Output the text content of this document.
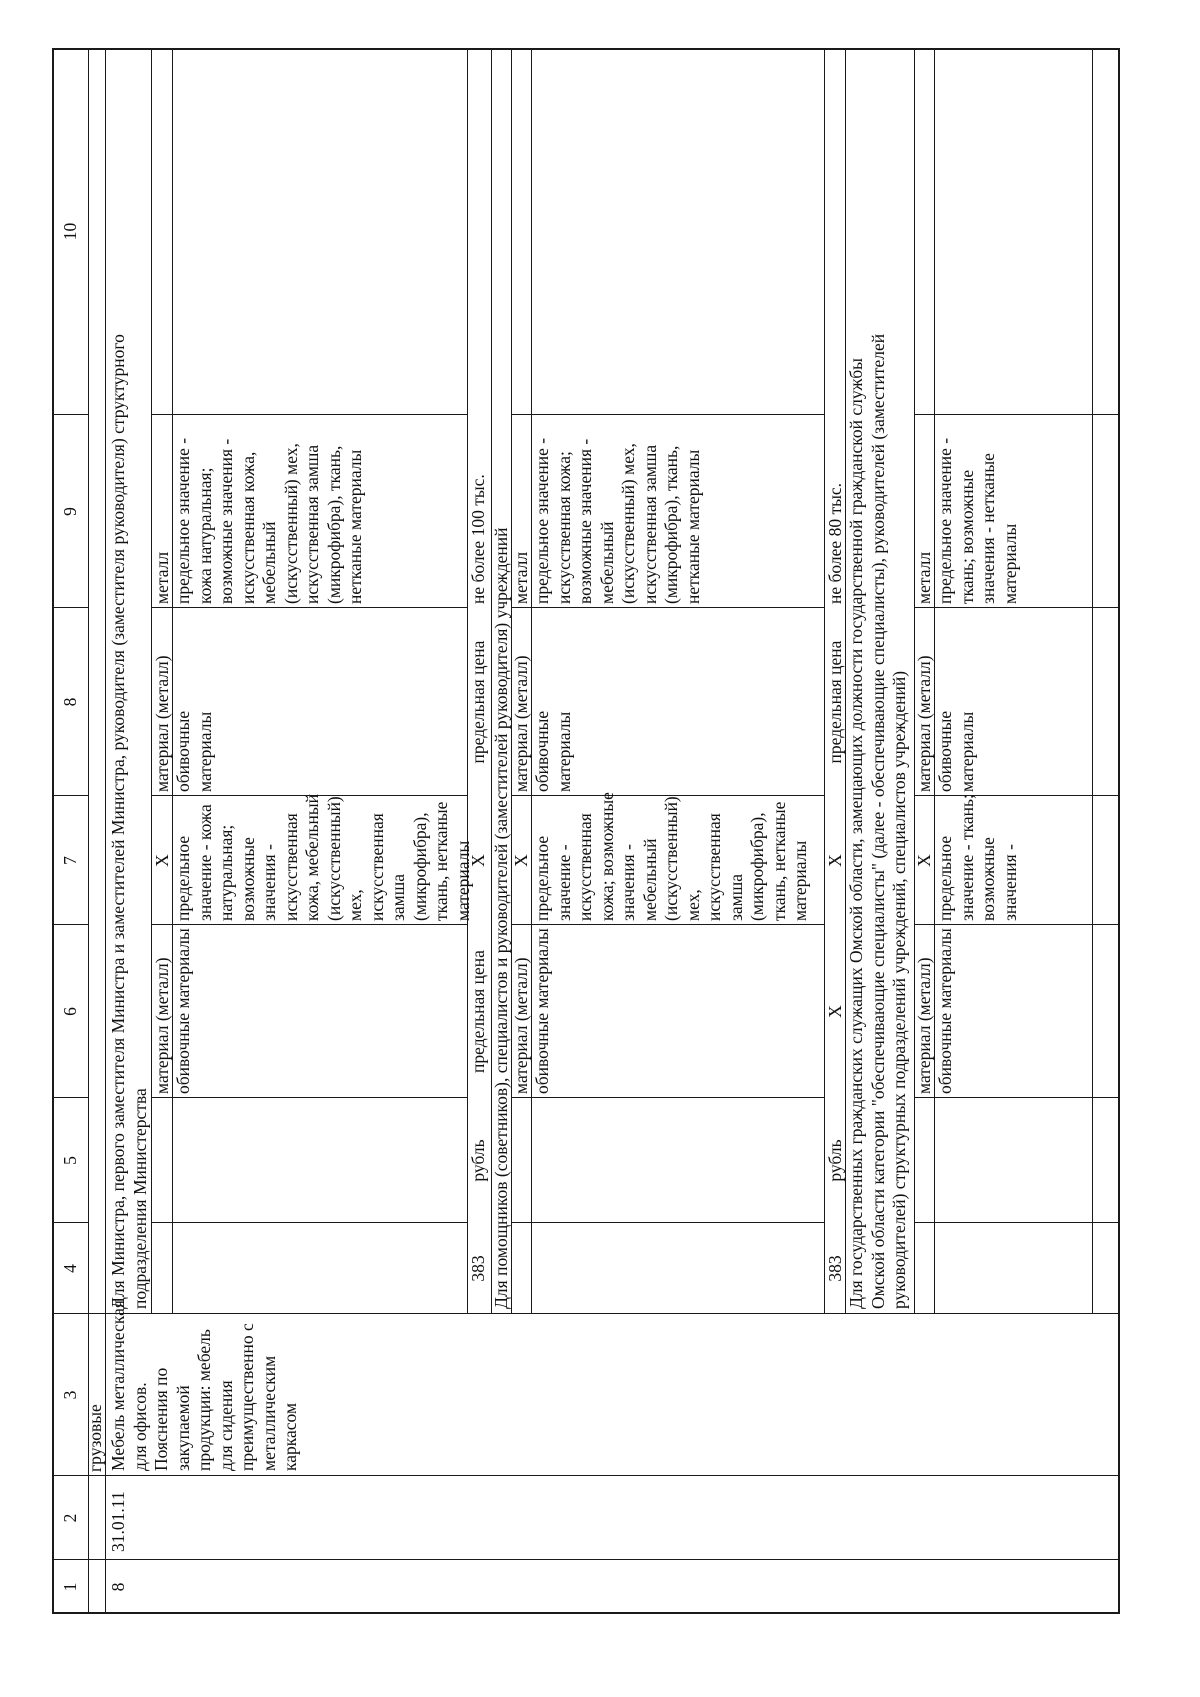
1
2
3
4
5
6
7
8
9
10
грузовые
8
31.01.11
Мебель металлическая
для офисов.
Пояснения по
закупаемой
продукции: мебель
для сидения
преимущественно с
металлическим
каркасом
Для Министра, первого заместителя Министра и заместителей Министра, руководителя (заместителя руководителя) структурного
подразделения Министерства
материал (металл)
X
материал (металл)
металл
обивочные материалы
предельное
значение - кожа
натуральная;
возможные
значения -
искусственная
кожа, мебельный
(искусственный)
мех,
искусственная
замша
(микрофибра),
ткань, нетканые
материалы
обивочные
материалы
предельное значение -
кожа натуральная;
возможные значения -
искусственная кожа,
мебельный
(искусственный) мех,
искусственная замша
(микрофибра), ткань,
нетканые материалы
383
рубль
предельная цена
X
предельная цена
не более 100 тыс. Для помощников (советников), специалистов и руководителей (заместителей руководителя) учреждений материал (металл)
X
материал (металл)
металл
обивочные материалы
предельное
значение -
искусственная
кожа; возможные
значения -
мебельный
(искусственный)
мех,
искусственная
замша
(микрофибра),
ткань, нетканые
материалы
обивочные
материалы
предельное значение -
искусственная кожа;
возможные значения -
мебельный
(искусственный) мех,
искусственная замша
(микрофибра), ткань,
нетканые материалы
383
рубль
X
X
предельная цена
не более 80 тыс.
Для государственных гражданских служащих Омской области, замещающих должности государственной гражданской службы
Омской области категории "обеспечивающие специалисты" (далее - обеспечивающие специалисты), руководителей (заместителей
руководителей) структурных подразделений учреждений, специалистов учреждений)
материал (металл)
X
материал (металл)
металл
обивочные материалы
предельное
значение - ткань;
возможные
значения -
обивочные
материалы
предельное значение -
ткань; возможные
значения - нетканые
материалы
